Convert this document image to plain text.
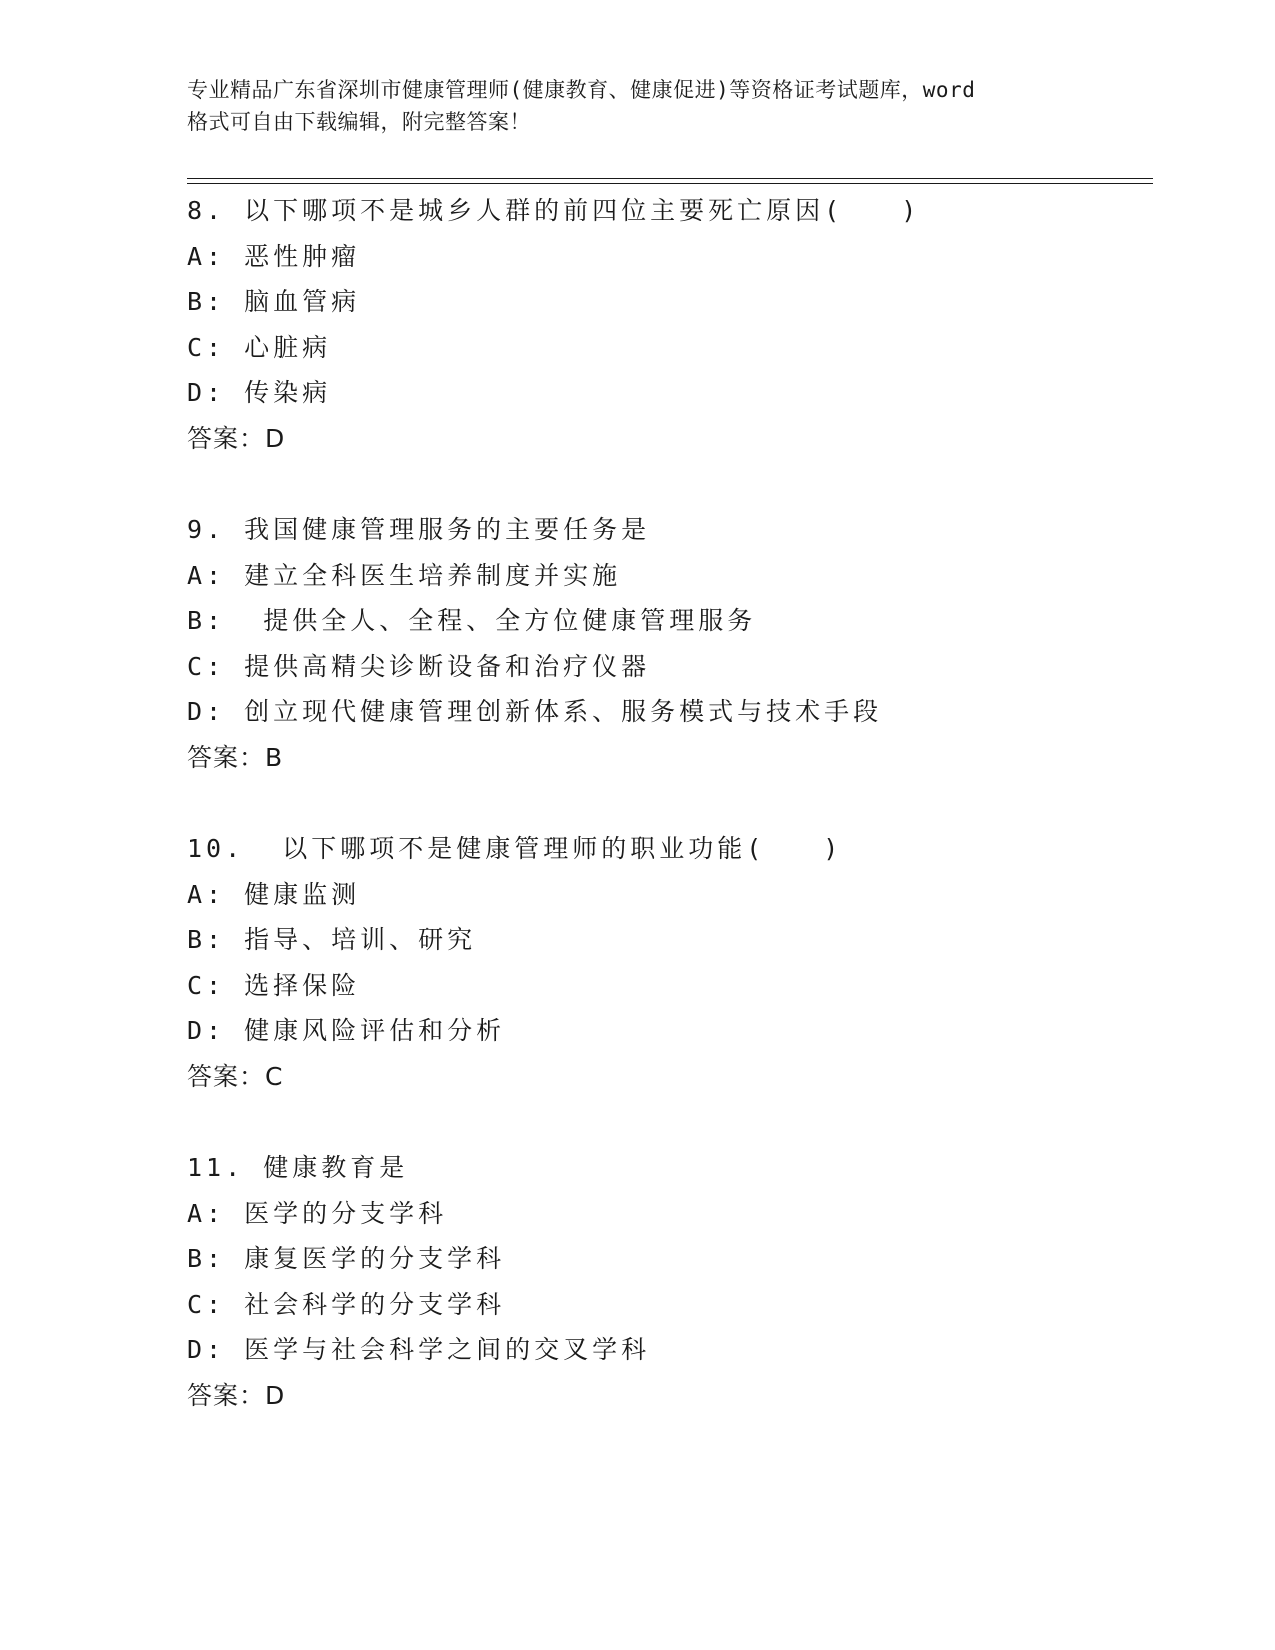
专业精品广东省深圳市健康管理师(健康教育、健康促进)等资格证考试题库，word
格式可自由下载编辑，附完整答案！
8. 以下哪项不是城乡人群的前四位主要死亡原因(　　)
A: 恶性肿瘤
B: 脑血管病
C: 心脏病
D: 传染病
答案：D
9. 我国健康管理服务的主要任务是
A: 建立全科医生培养制度并实施
B:  提供全人、全程、全方位健康管理服务
C: 提供高精尖诊断设备和治疗仪器
D: 创立现代健康管理创新体系、服务模式与技术手段
答案：B
10.  以下哪项不是健康管理师的职业功能(　　)
A: 健康监测
B: 指导、培训、研究
C: 选择保险
D: 健康风险评估和分析
答案：C
11. 健康教育是
A: 医学的分支学科
B: 康复医学的分支学科
C: 社会科学的分支学科
D: 医学与社会科学之间的交叉学科
答案：D
